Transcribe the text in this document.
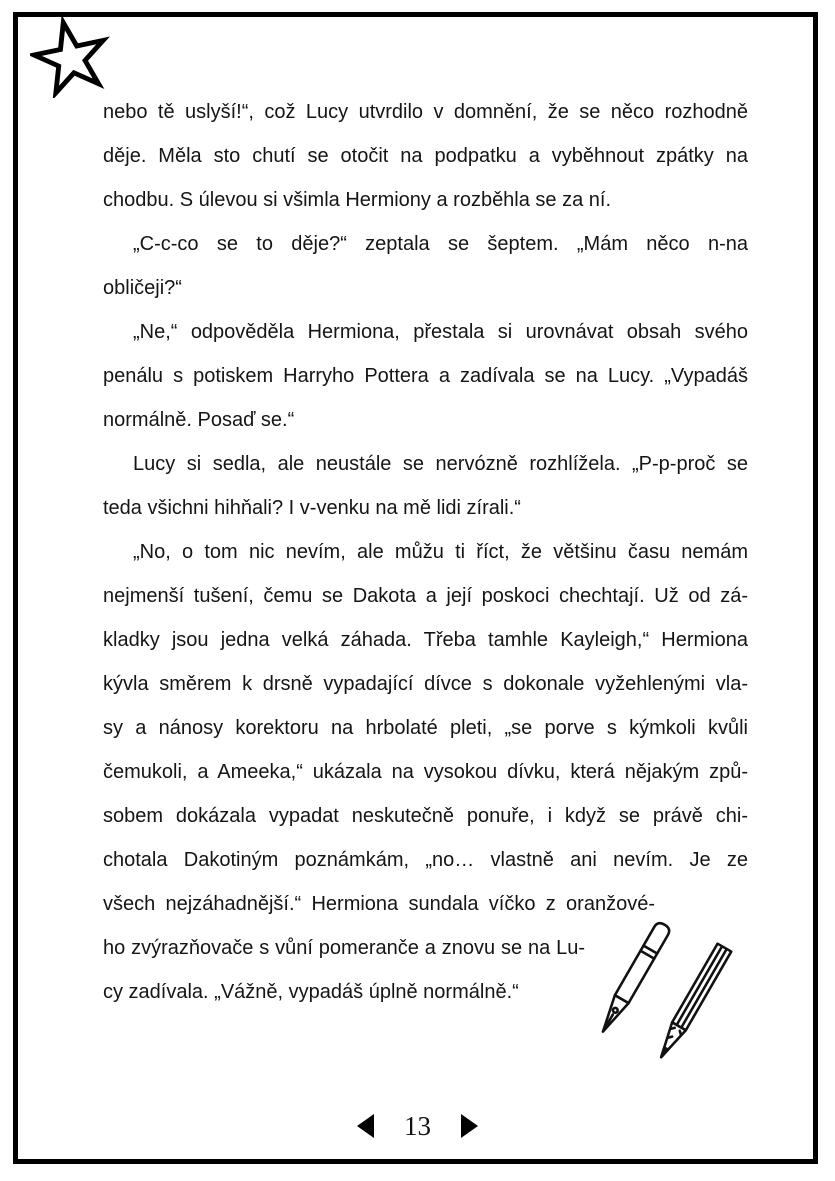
nebo tě uslyší!“, což Lucy utvrdilo v domnění, že se něco rozhodně
děje. Měla sto chutí se otočit na podpatku a vyběhnout zpátky na
chodbu. S úlevou si všimla Hermiony a rozběhla se za ní.
„C-c-co se to děje?“ zeptala se šeptem. „Mám něco n-na
obličeji?“
„Ne,“ odpověděla Hermiona, přestala si urovnávat obsah svého
penálu s potiskem Harryho Pottera a zadívala se na Lucy. „Vypadáš
normálně. Posaď se.“
Lucy si sedla, ale neustále se nervózně rozhlížela. „P-p-proč se
teda všichni hihňali? I v-venku na mě lidi zírali.“
„No, o tom nic nevím, ale můžu ti říct, že většinu času nemám
nejmenší tušení, čemu se Dakota a její poskoci chechtají. Už od zá-
kladky jsou jedna velká záhada. Třeba tamhle Kayleigh,“ Hermiona
kývla směrem k drsně vypadající dívce s dokonale vyžehlenými vla-
sy a nánosy korektoru na hrbolaté pleti, „se porve s kýmkoli kvůli
čemukoli, a Ameeka,“ ukázala na vysokou dívku, která nějakým způ-
sobem dokázala vypadat neskutečně ponuře, i když se právě chi-
chotala Dakotiným poznámkám, „no… vlastně ani nevím. Je ze
všech nejzáhadnější.“ Hermiona sundala víčko z oranžové-
ho zvýrazňovače s vůní pomeranče a znovu se na Lu-
cy zadívala. „Vážně, vypadáš úplně normálně.“
13
